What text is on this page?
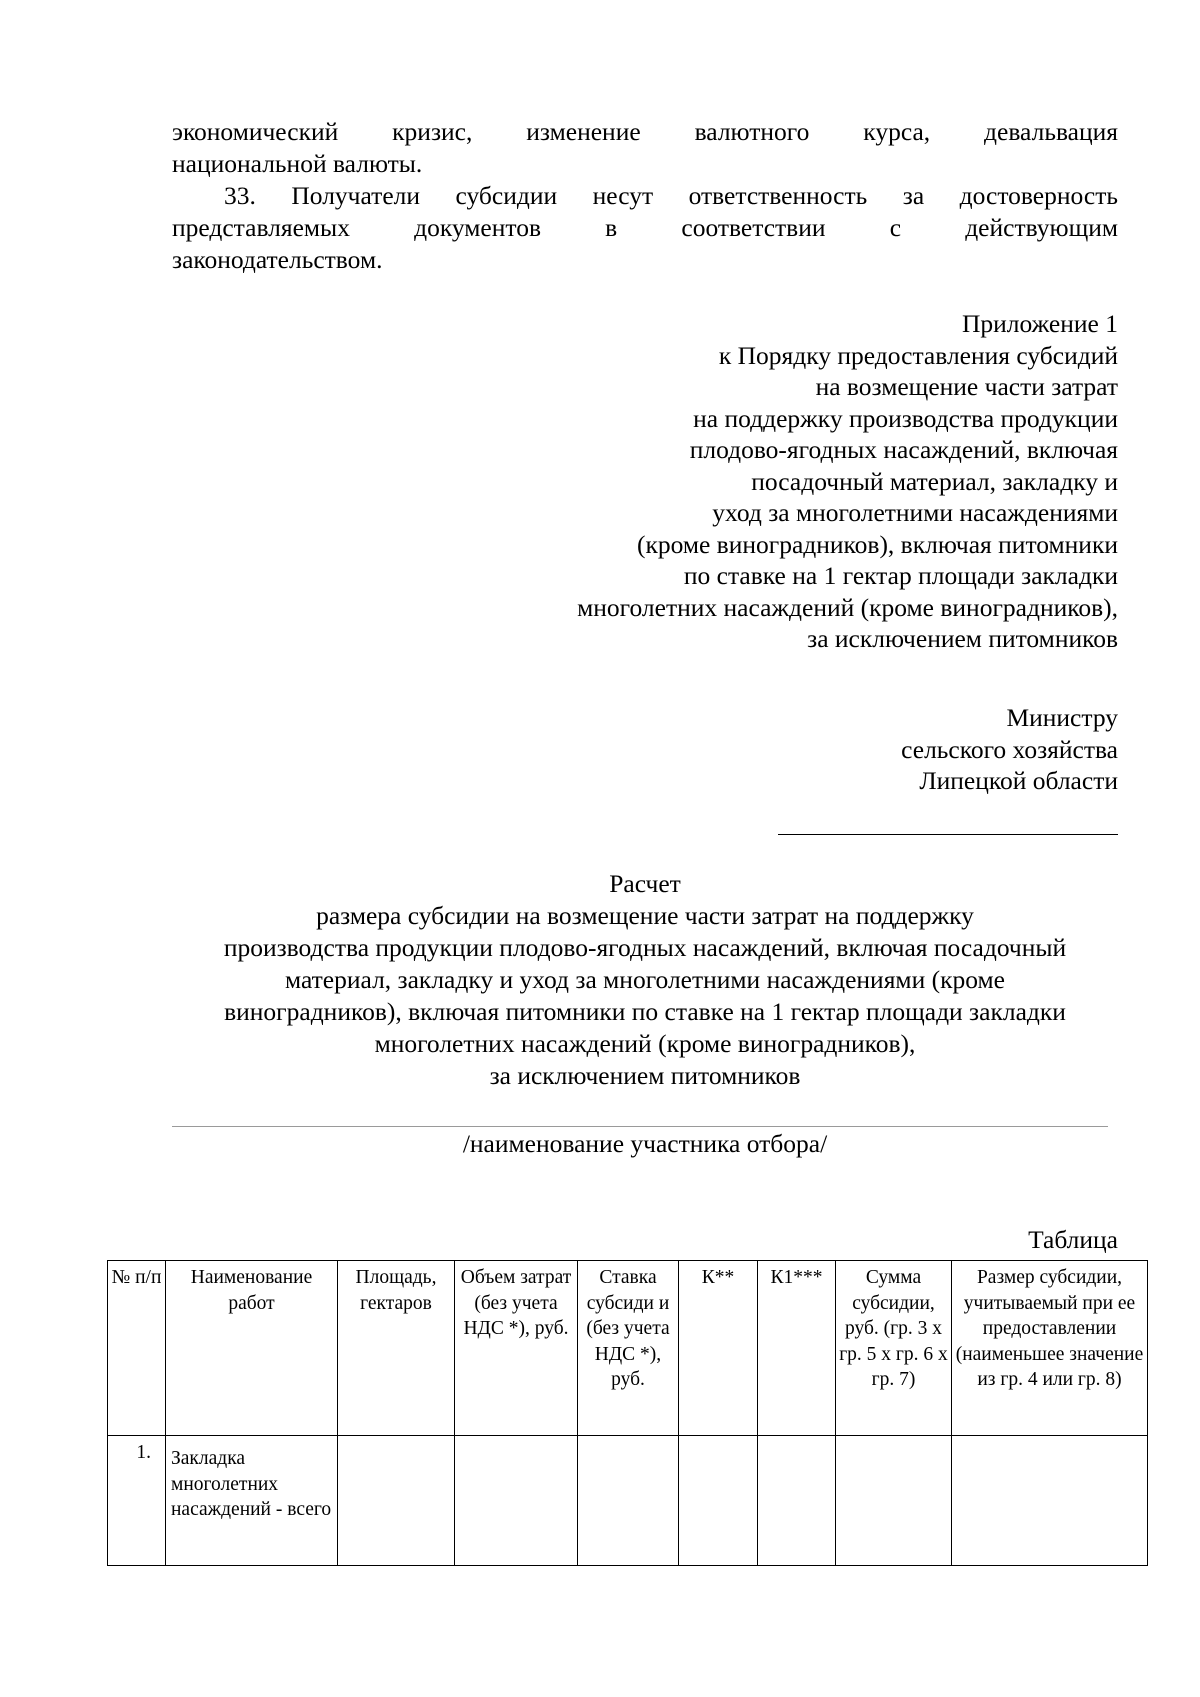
экономический кризис, изменение валютного курса, девальвация
национальной валюты.
33. Получатели субсидии несут ответственность за достоверность
представляемых документов в соответствии с действующим
законодательством.
Приложение 1
к Порядку предоставления субсидий
на возмещение части затрат
на поддержку производства продукции
плодово-ягодных насаждений, включая
посадочный материал, закладку и
уход за многолетними насаждениями
(кроме виноградников), включая питомники
по ставке на 1 гектар площади закладки
многолетних насаждений (кроме виноградников),
за исключением питомников
Министру
сельского хозяйства
Липецкой области
Расчет
размера субсидии на возмещение части затрат на поддержку
производства продукции плодово-ягодных насаждений, включая посадочный
материал, закладку и уход за многолетними насаждениями (кроме
виноградников), включая питомники по ставке на 1 гектар площади закладки
многолетних насаждений (кроме виноградников),
за исключением питомников
/наименование участника отбора/
Таблица
№ п/п	Наименование работ	Площадь, гектаров	Объем затрат (без учета НДС *), руб.	Ставка субсиди и (без учета НДС *), руб.	К**	К1***	Сумма субсидии, руб. (гр. 3 x гр. 5 x гр. 6 x гр. 7)	Размер субсидии, учитываемый при ее предоставлении (наименьшее значение из гр. 4 или гр. 8)
1.	Закладка многолетних насаждений - всего							
